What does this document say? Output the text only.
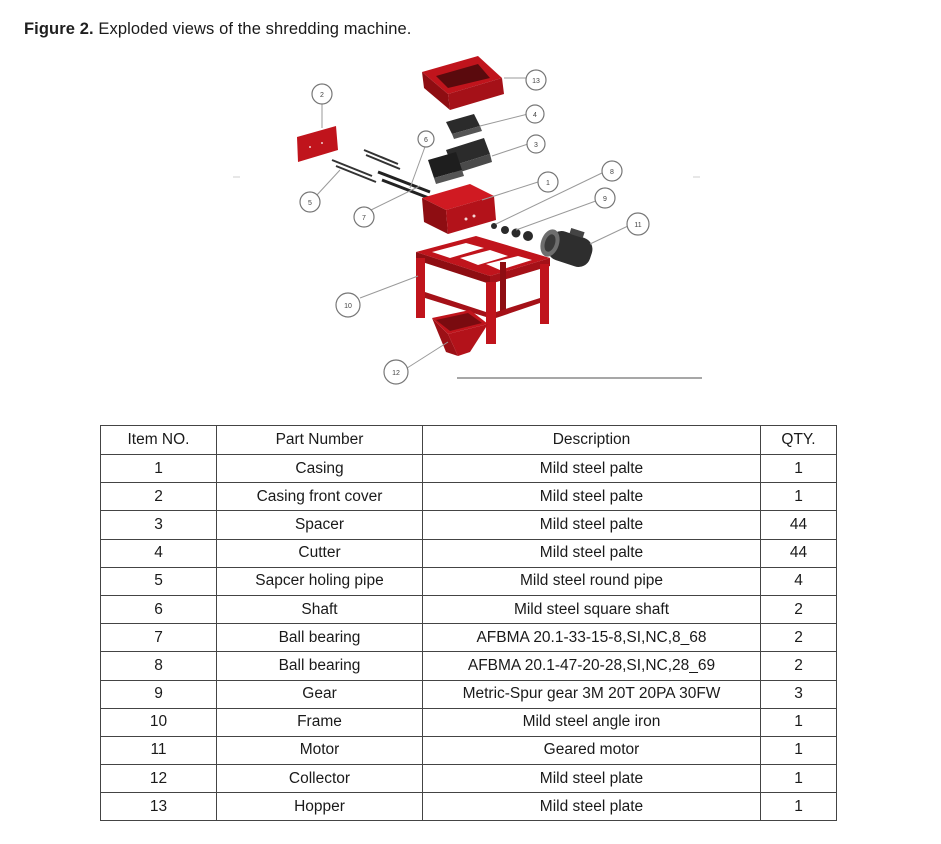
Figure 2. Exploded views of the shredding machine.
13
4
3
2
6
1
8
9
5
7
11
10
12
Item NO.	Part Number	Description	QTY.
1	Casing	Mild steel palte	1
2	Casing front cover	Mild steel palte	1
3	Spacer	Mild steel palte	44
4	Cutter	Mild steel palte	44
5	Sapcer holing pipe	Mild steel round pipe	4
6	Shaft	Mild steel square shaft	2
7	Ball bearing	AFBMA 20.1-33-15-8,SI,NC,8_68	2
8	Ball bearing	AFBMA 20.1-47-20-28,SI,NC,28_69	2
9	Gear	Metric-Spur gear 3M 20T 20PA 30FW	3
10	Frame	Mild steel angle iron	1
11	Motor	Geared motor	1
12	Collector	Mild steel plate	1
13	Hopper	Mild steel plate	1
